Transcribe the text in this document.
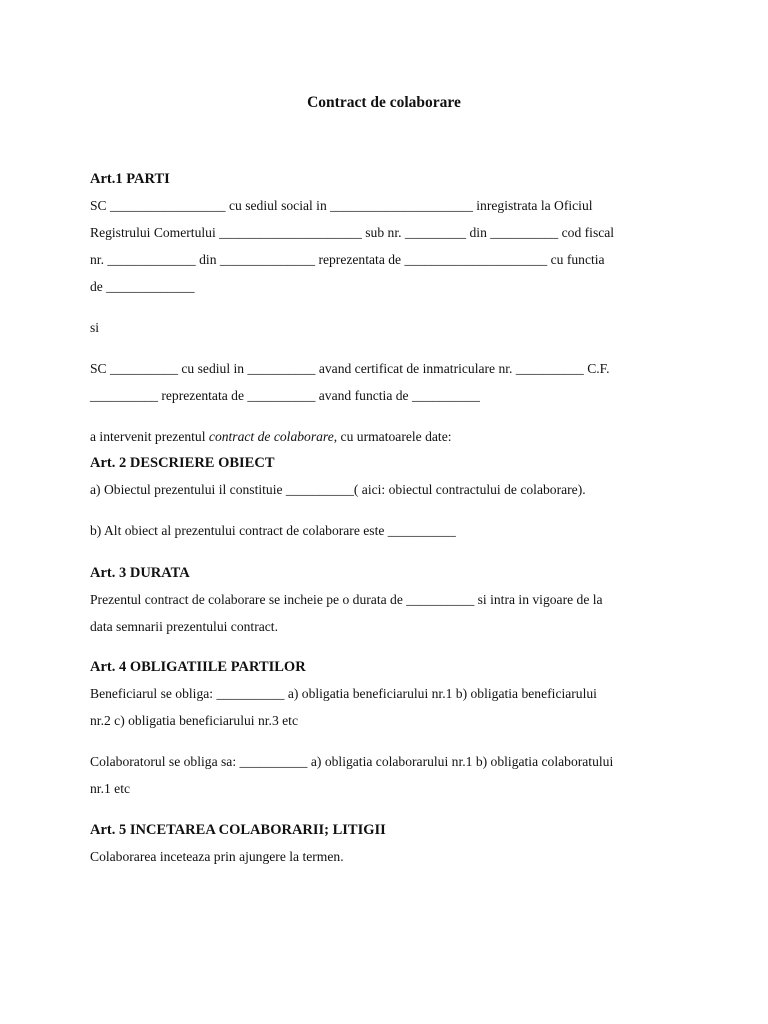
Contract de colaborare
Art.1 PARTI
SC _________________ cu sediul social in _____________________ inregistrata la Oficiul
Registrului Comertului _____________________ sub nr. _________ din __________ cod fiscal
nr. _____________ din ______________ reprezentata de _____________________ cu functia
de _____________
si
SC __________ cu sediul in __________ avand certificat de inmatriculare nr. __________ C.F.
__________ reprezentata de __________ avand functia de __________
a intervenit prezentul contract de colaborare, cu urmatoarele date:
Art. 2 DESCRIERE OBIECT
a) Obiectul prezentului il constituie __________( aici: obiectul contractului de colaborare).
b) Alt obiect al prezentului contract de colaborare este __________
Art. 3 DURATA
Prezentul contract de colaborare se incheie pe o durata de __________ si intra in vigoare de la
data semnarii prezentului contract.
Art. 4 OBLIGATIILE PARTILOR
Beneficiarul se obliga: __________ a) obligatia beneficiarului nr.1 b) obligatia beneficiarului
nr.2 c) obligatia beneficiarului nr.3 etc
Colaboratorul se obliga sa: __________ a) obligatia colaborarului nr.1 b) obligatia colaboratului
nr.1 etc
Art. 5 INCETAREA COLABORARII; LITIGII
Colaborarea inceteaza prin ajungere la termen.
